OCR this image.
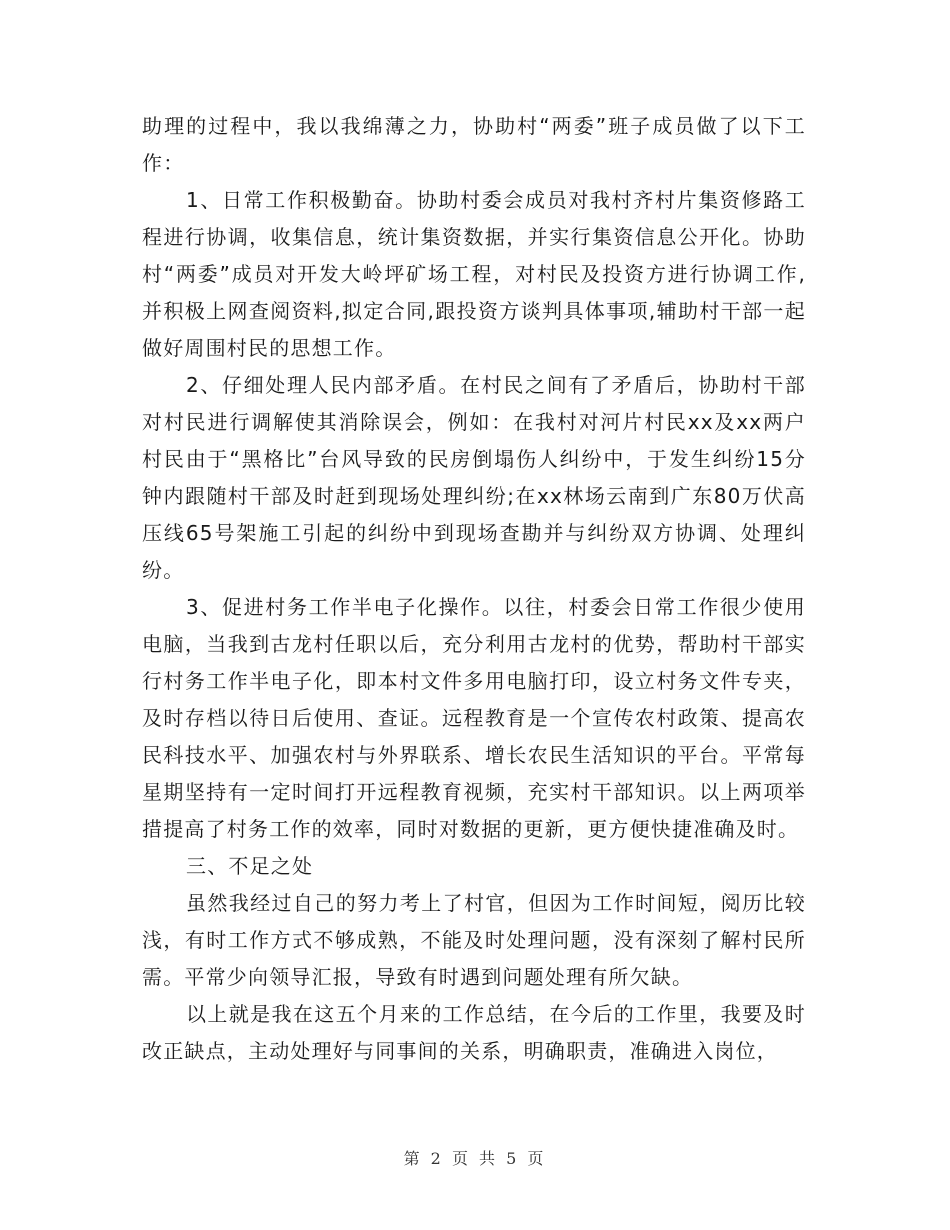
助理的过程中，我以我绵薄之力，协助村“两委”班子成员做了以下工作：

1、日常工作积极勤奋。协助村委会成员对我村齐村片集资修路工程进行协调，收集信息，统计集资数据，并实行集资信息公开化。协助村“两委”成员对开发大岭坪矿场工程，对村民及投资方进行协调工作,并积极上网查阅资料,拟定合同,跟投资方谈判具体事项,辅助村干部一起做好周围村民的思想工作。

2、仔细处理人民内部矛盾。在村民之间有了矛盾后，协助村干部对村民进行调解使其消除误会，例如：在我村对河片村民xx及xx两户村民由于“黑格比”台风导致的民房倒塌伤人纠纷中，于发生纠纷15分钟内跟随村干部及时赶到现场处理纠纷;在xx林场云南到广东80万伏高压线65号架施工引起的纠纷中到现场查勘并与纠纷双方协调、处理纠纷。

3、促进村务工作半电子化操作。以往，村委会日常工作很少使用电脑，当我到古龙村任职以后，充分利用古龙村的优势，帮助村干部实行村务工作半电子化，即本村文件多用电脑打印，设立村务文件专夹，及时存档以待日后使用、查证。远程教育是一个宣传农村政策、提高农民科技水平、加强农村与外界联系、增长农民生活知识的平台。平常每星期坚持有一定时间打开远程教育视频，充实村干部知识。以上两项举措提高了村务工作的效率，同时对数据的更新，更方便快捷准确及时。

三、不足之处

虽然我经过自己的努力考上了村官，但因为工作时间短，阅历比较浅，有时工作方式不够成熟，不能及时处理问题，没有深刻了解村民所需。平常少向领导汇报，导致有时遇到问题处理有所欠缺。

以上就是我在这五个月来的工作总结，在今后的工作里，我要及时改正缺点，主动处理好与同事间的关系，明确职责，准确进入岗位，

第 2 页 共 5 页
